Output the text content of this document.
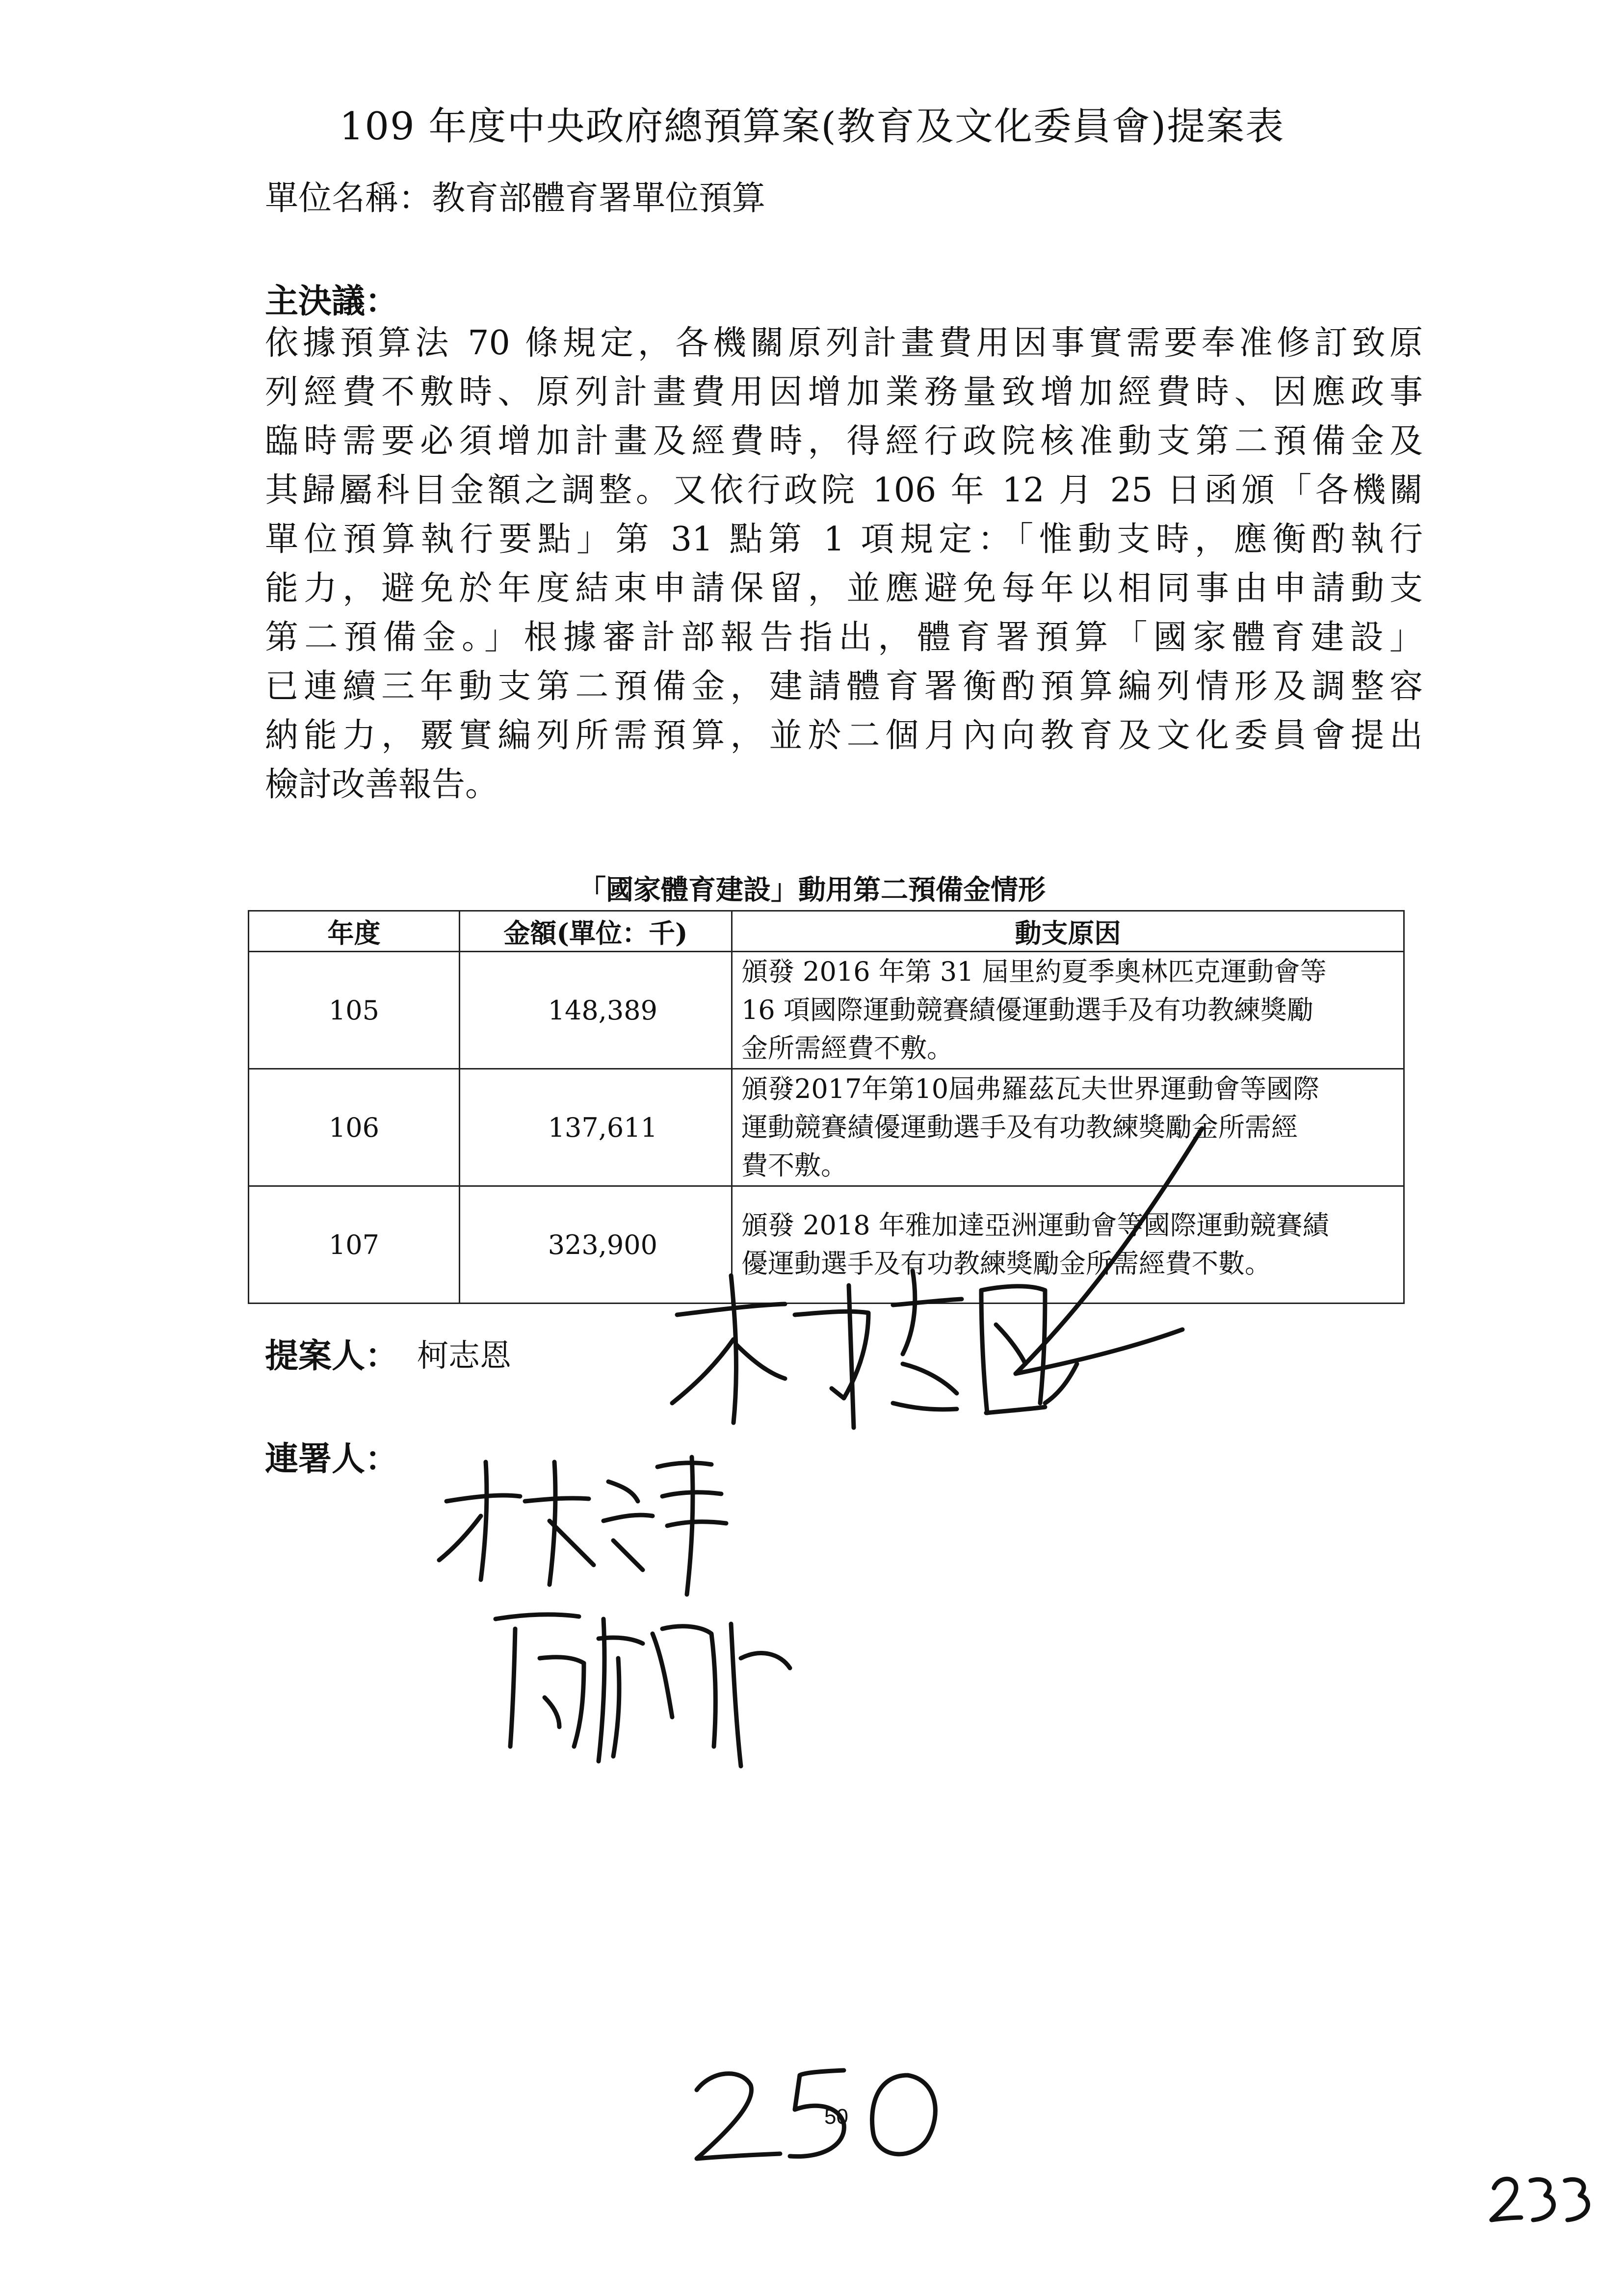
109 年度中央政府總預算案(教育及文化委員會)提案表
單位名稱：教育部體育署單位預算
主決議：
依據預算法 70 條規定，各機關原列計畫費用因事實需要奉准修訂致原
列經費不敷時、原列計畫費用因增加業務量致增加經費時、因應政事
臨時需要必須增加計畫及經費時，得經行政院核准動支第二預備金及
其歸屬科目金額之調整。又依行政院 106 年 12 月 25 日函頒「各機關
單位預算執行要點」第 31 點第 1 項規定：「惟動支時，應衡酌執行
能力，避免於年度結束申請保留，並應避免每年以相同事由申請動支
第二預備金。」根據審計部報告指出，體育署預算「國家體育建設」
已連續三年動支第二預備金，建請體育署衡酌預算編列情形及調整容
納能力，覈實編列所需預算，並於二個月內向教育及文化委員會提出
檢討改善報告。
「國家體育建設」動用第二預備金情形
年度	金額(單位：千)	動支原因
105	148,389	頒發 2016 年第 31 屆里約夏季奧林匹克運動會等
16 項國際運動競賽績優運動選手及有功教練獎勵
金所需經費不敷。

106	137,611	頒發2017年第10屆弗羅茲瓦夫世界運動會等國際
運動競賽績優運動選手及有功教練獎勵金所需經
費不敷。

107	323,900	頒發 2018 年雅加達亞洲運動會等國際運動競賽績
優運動選手及有功教練獎勵金所需經費不數。
提案人： 柯志恩
連署人：
50
